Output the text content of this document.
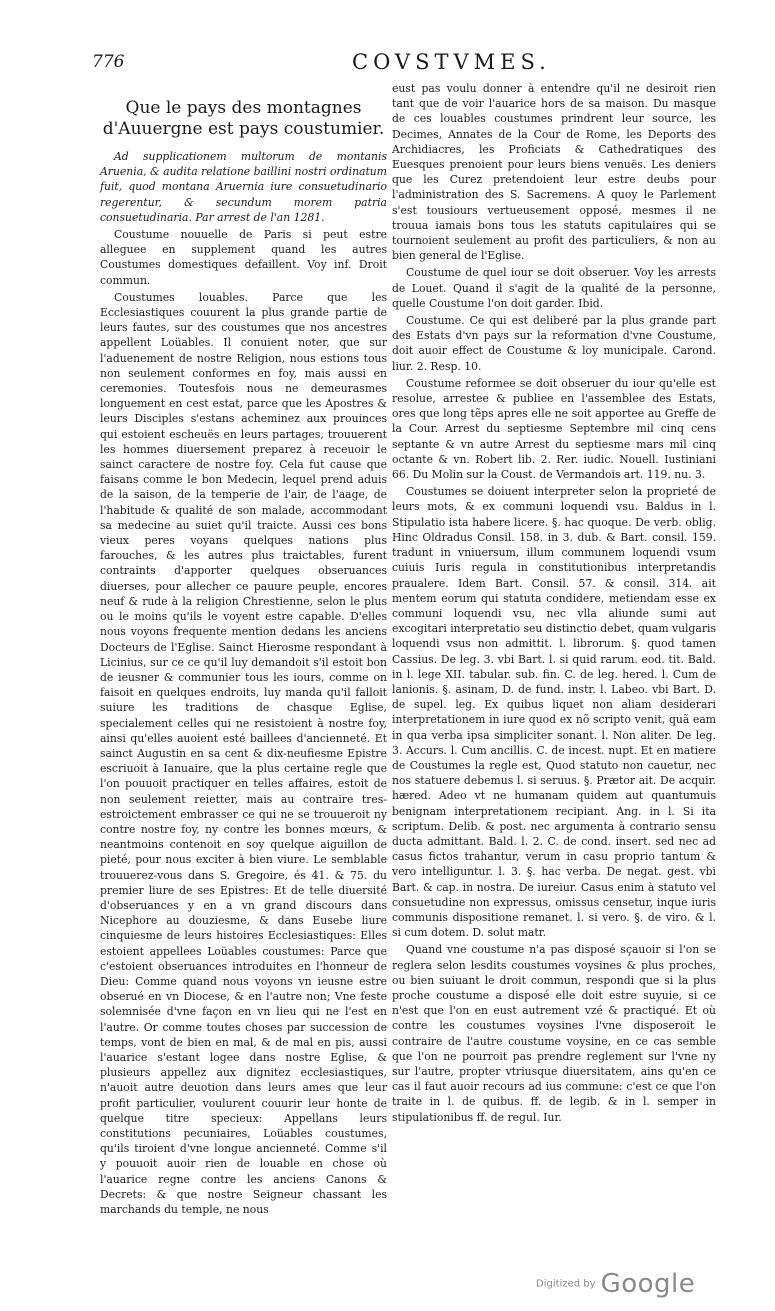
776	COVSTVMES.
Que le pays des montagnes d'Auuergne est pays coustumier.

Ad supplicationem multorum de montanis Aruenia, & audita relatione baillini nostri ordinatum fuit, quod montana Aruernia iure consuetudinario regerentur, & secundum morem patria consuetudinaria. Par arrest de l'an 1281.

Coustume nouuelle de Paris si peut estre alleguee en supplement quand les autres Coustumes domestiques defaillent. Voy inf. Droit commun.

Coustumes louables. Parce que les Ecclesiastiques couurent la plus grande partie de leurs fautes, sur des coustumes que nos ancestres appellent Loüables. Il conuient noter, que sur l'aduenement de nostre Religion, nous estions tous non seulement conformes en foy, mais aussi en ceremonies. Toutesfois nous ne demeurasmes longuement en cest estat, parce que les Apostres & leurs Disciples s'estans acheminez aux prouinces qui estoient escheuës en leurs partages, trouuerent les hommes diuersement preparez à receuoir le sainct caractere de nostre foy. Cela fut cause que faisans comme le bon Medecin, lequel prend aduis de la saison, de la temperie de l'air, de l'aage, de l'habitude & qualité de son malade, accommodant sa medecine au suiet qu'il traicte. Aussi ces bons vieux peres voyans quelques nations plus farouches, & les autres plus traictables, furent contraints d'apporter quelques obseruances diuerses, pour allecher ce pauure peuple, encores neuf & rude à la religion Chrestienne, selon le plus ou le moins qu'ils le voyent estre capable. D'elles nous voyons frequente mention dedans les anciens Docteurs de l'Eglise. Sainct Hierosme respondant à Licinius, sur ce ce qu'il luy demandoit s'il estoit bon de ieusner & communier tous les iours, comme on faisoit en quelques endroits, luy manda qu'il falloit suiure les traditions de chasque Eglise, specialement celles qui ne resistoient à nostre foy, ainsi qu'elles auoient esté baillees d'ancienneté. Et sainct Augustin en sa cent & dix-neufiesme Epistre escriuoit à Ianuaire, que la plus certaine regle que l'on pouuoit practiquer en telles affaires, estoit de non seulement reietter, mais au contraire tres-estroictement embrasser ce qui ne se trouueroit ny contre nostre foy, ny contre les bonnes mœurs, & neantmoins contenoit en soy quelque aiguillon de pieté, pour nous exciter à bien viure. Le semblable trouuerez-vous dans S. Gregoire, és 41. & 75. du premier liure de ses Epistres: Et de telle diuersité d'obseruances y en a vn grand discours dans Nicephore au douziesme, & dans Eusebe liure cinquiesme de leurs histoires Ecclesiastiques: Elles estoient appellees Loüables coustumes: Parce que c'estoient obseruances introduites en l'honneur de Dieu: Comme quand nous voyons vn ieusne estre obserué en vn Diocese, & en l'autre non; Vne feste solemnisée d'vne façon en vn lieu qui ne l'est en l'autre. Or comme toutes choses par succession de temps, vont de bien en mal, & de mal en pis, aussi l'auarice s'estant logee dans nostre Eglise, & plusieurs appellez aux dignitez ecclesiastiques, n'auoit autre deuotion dans leurs ames que leur profit particulier, voulurent couurir leur honte de quelque titre specieux: Appellans leurs constitutions pecuniaires, Loüables coustumes, qu'ils tiroient d'vne longue ancienneté. Comme s'il y pouuoit auoir rien de louable en chose où l'auarice regne contre les anciens Canons & Decrets: & que nostre Seigneur chassant les marchands du temple, ne nous

eust pas voulu donner à entendre qu'il ne desiroit rien tant que de voir l'auarice hors de sa maison. Du masque de ces louables coustumes prindrent leur source, les Decimes, Annates de la Cour de Rome, les Deports des Archidiacres, les Proficiats & Cathedratiques des Euesques prenoient pour leurs biens venuës. Les deniers que les Curez pretendoient leur estre deubs pour l'administration des S. Sacremens. A quoy le Parlement s'est tousiours vertueusement opposé, mesmes il ne trouua iamais bons tous les statuts capitulaires qui se tournoient seulement au profit des particuliers, & non au bien general de l'Eglise.

Coustume de quel iour se doit obseruer. Voy les arrests de Louet. Quand il s'agit de la qualité de la personne, quelle Coustume l'on doit garder. Ibid.

Coustume. Ce qui est deliberé par la plus grande part des Estats d'vn pays sur la reformation d'vne Coustume, doit auoir effect de Coustume & loy municipale. Carond. liur. 2. Resp. 10.

Coustume reformee se doit obseruer du iour qu'elle est resolue, arrestee & publiee en l'assemblee des Estats, ores que long tẽps apres elle ne soit apportee au Greffe de la Cour. Arrest du septiesme Septembre mil cinq cens septante & vn autre Arrest du septiesme mars mil cinq octante & vn. Robert lib. 2. Rer. iudic. Nouell. Iustiniani 66. Du Molin sur la Coust. de Vermandois art. 119. nu. 3.

Coustumes se doiuent interpreter selon la proprieté de leurs mots, & ex communi loquendi vsu. Baldus in l. Stipulatio ista habere licere. §. hac quoque. De verb. oblig. Hinc Oldradus Consil. 158. in 3. dub. & Bart. consil. 159. tradunt in vniuersum, illum communem loquendi vsum cuiuis Iuris regula in constitutionibus interpretandis praualere. Idem Bart. Consil. 57. & consil. 314. ait mentem eorum qui statuta condidere, metiendam esse ex communi loquendi vsu, nec vlla aliunde sumi aut excogitari interpretatio seu distinctio debet, quam vulgaris loquendi vsus non admittit. l. librorum. §. quod tamen Cassius. De leg. 3. vbi Bart. l. si quid rarum. eod. tit. Bald. in l. lege XII. tabular. sub. fin. C. de leg. hered. l. Cum de lanionis. §. asinam, D. de fund. instr. l. Labeo. vbi Bart. D. de supel. leg. Ex quibus liquet non aliam desiderari interpretationem in iure quod ex nõ scripto venit, quã eam in qua verba ipsa simpliciter sonant. l. Non aliter. De leg. 3. Accurs. l. Cum ancillis. C. de incest. nupt. Et en matiere de Coustumes la regle est, Quod statuto non cauetur, nec nos statuere debemus l. si seruus. §. Prætor ait. De acquir. hæred. Adeo vt ne humanam quidem aut quantumuis benignam interpretationem recipiant. Ang. in l. Si ita scriptum. Delib. & post. nec argumenta à contrario sensu ducta admittant. Bald. l. 2. C. de cond. insert. sed nec ad casus fictos trahantur, verum in casu proprio tantum & vero intelliguntur. l. 3. §. hac verba. De negat. gest. vbi Bart. & cap. in nostra. De iureiur. Casus enim à statuto vel consuetudine non expressus, omissus censetur, inque iuris communis dispositione remanet. l. si vero. §. de viro. & l. si cum dotem. D. solut matr.

Quand vne coustume n'a pas disposé sçauoir si l'on se reglera selon lesdits coustumes voysines & plus proches, ou bien suiuant le droit commun, respondi que si la plus proche coustume a disposé elle doit estre suyuie, si ce n'est que l'on en eust autrement vzé & practiqué. Et où contre les coustumes voysines l'vne disposeroit le contraire de l'autre coustume voysine, en ce cas semble que l'on ne pourroit pas prendre reglement sur l'vne ny sur l'autre, propter vtriusque diuersitatem, ains qu'en ce cas il faut auoir recours ad ius commune: c'est ce que l'on traite in l. de quibus. ff. de legib. & in l. semper in stipulationibus ff. de regul. Iur.

Digitized by Google
